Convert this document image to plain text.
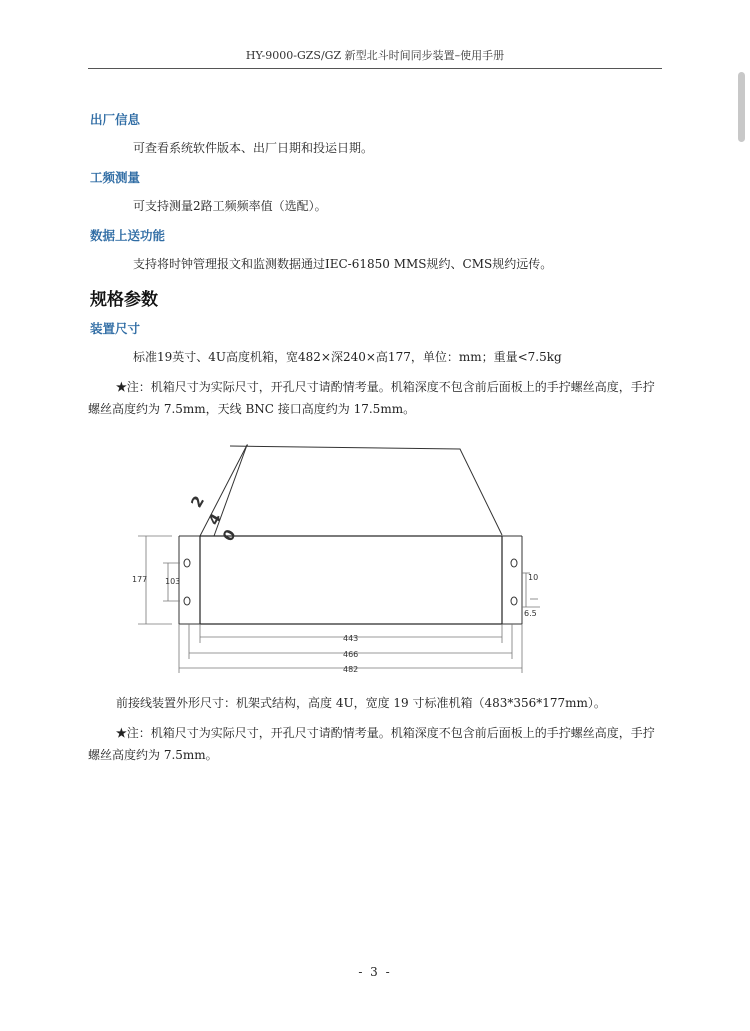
HY-9000-GZS/GZ 新型北斗时间同步装置–使用手册
出厂信息
可查看系统软件版本、出厂日期和投运日期。
工频测量
可支持测量2路工频频率值（选配）。
数据上送功能
支持将时钟管理报文和监测数据通过IEC-61850 MMS规约、CMS规约远传。
规格参数
装置尺寸
标准19英寸、4U高度机箱，宽482×深240×高177，单位：mm；重量<7.5kg
★注：机箱尺寸为实际尺寸，开孔尺寸请酌情考量。机箱深度不包含前后面板上的手拧螺丝高度，手拧螺丝高度约为 7.5mm，天线 BNC 接口高度约为 17.5mm。
2
4
0
177 103
443
466
482
10
6.5
前接线装置外形尺寸：机架式结构，高度 4U，宽度 19 寸标准机箱（483*356*177mm）。
★注：机箱尺寸为实际尺寸，开孔尺寸请酌情考量。机箱深度不包含前后面板上的手拧螺丝高度，手拧螺丝高度约为 7.5mm。
- 3 -
